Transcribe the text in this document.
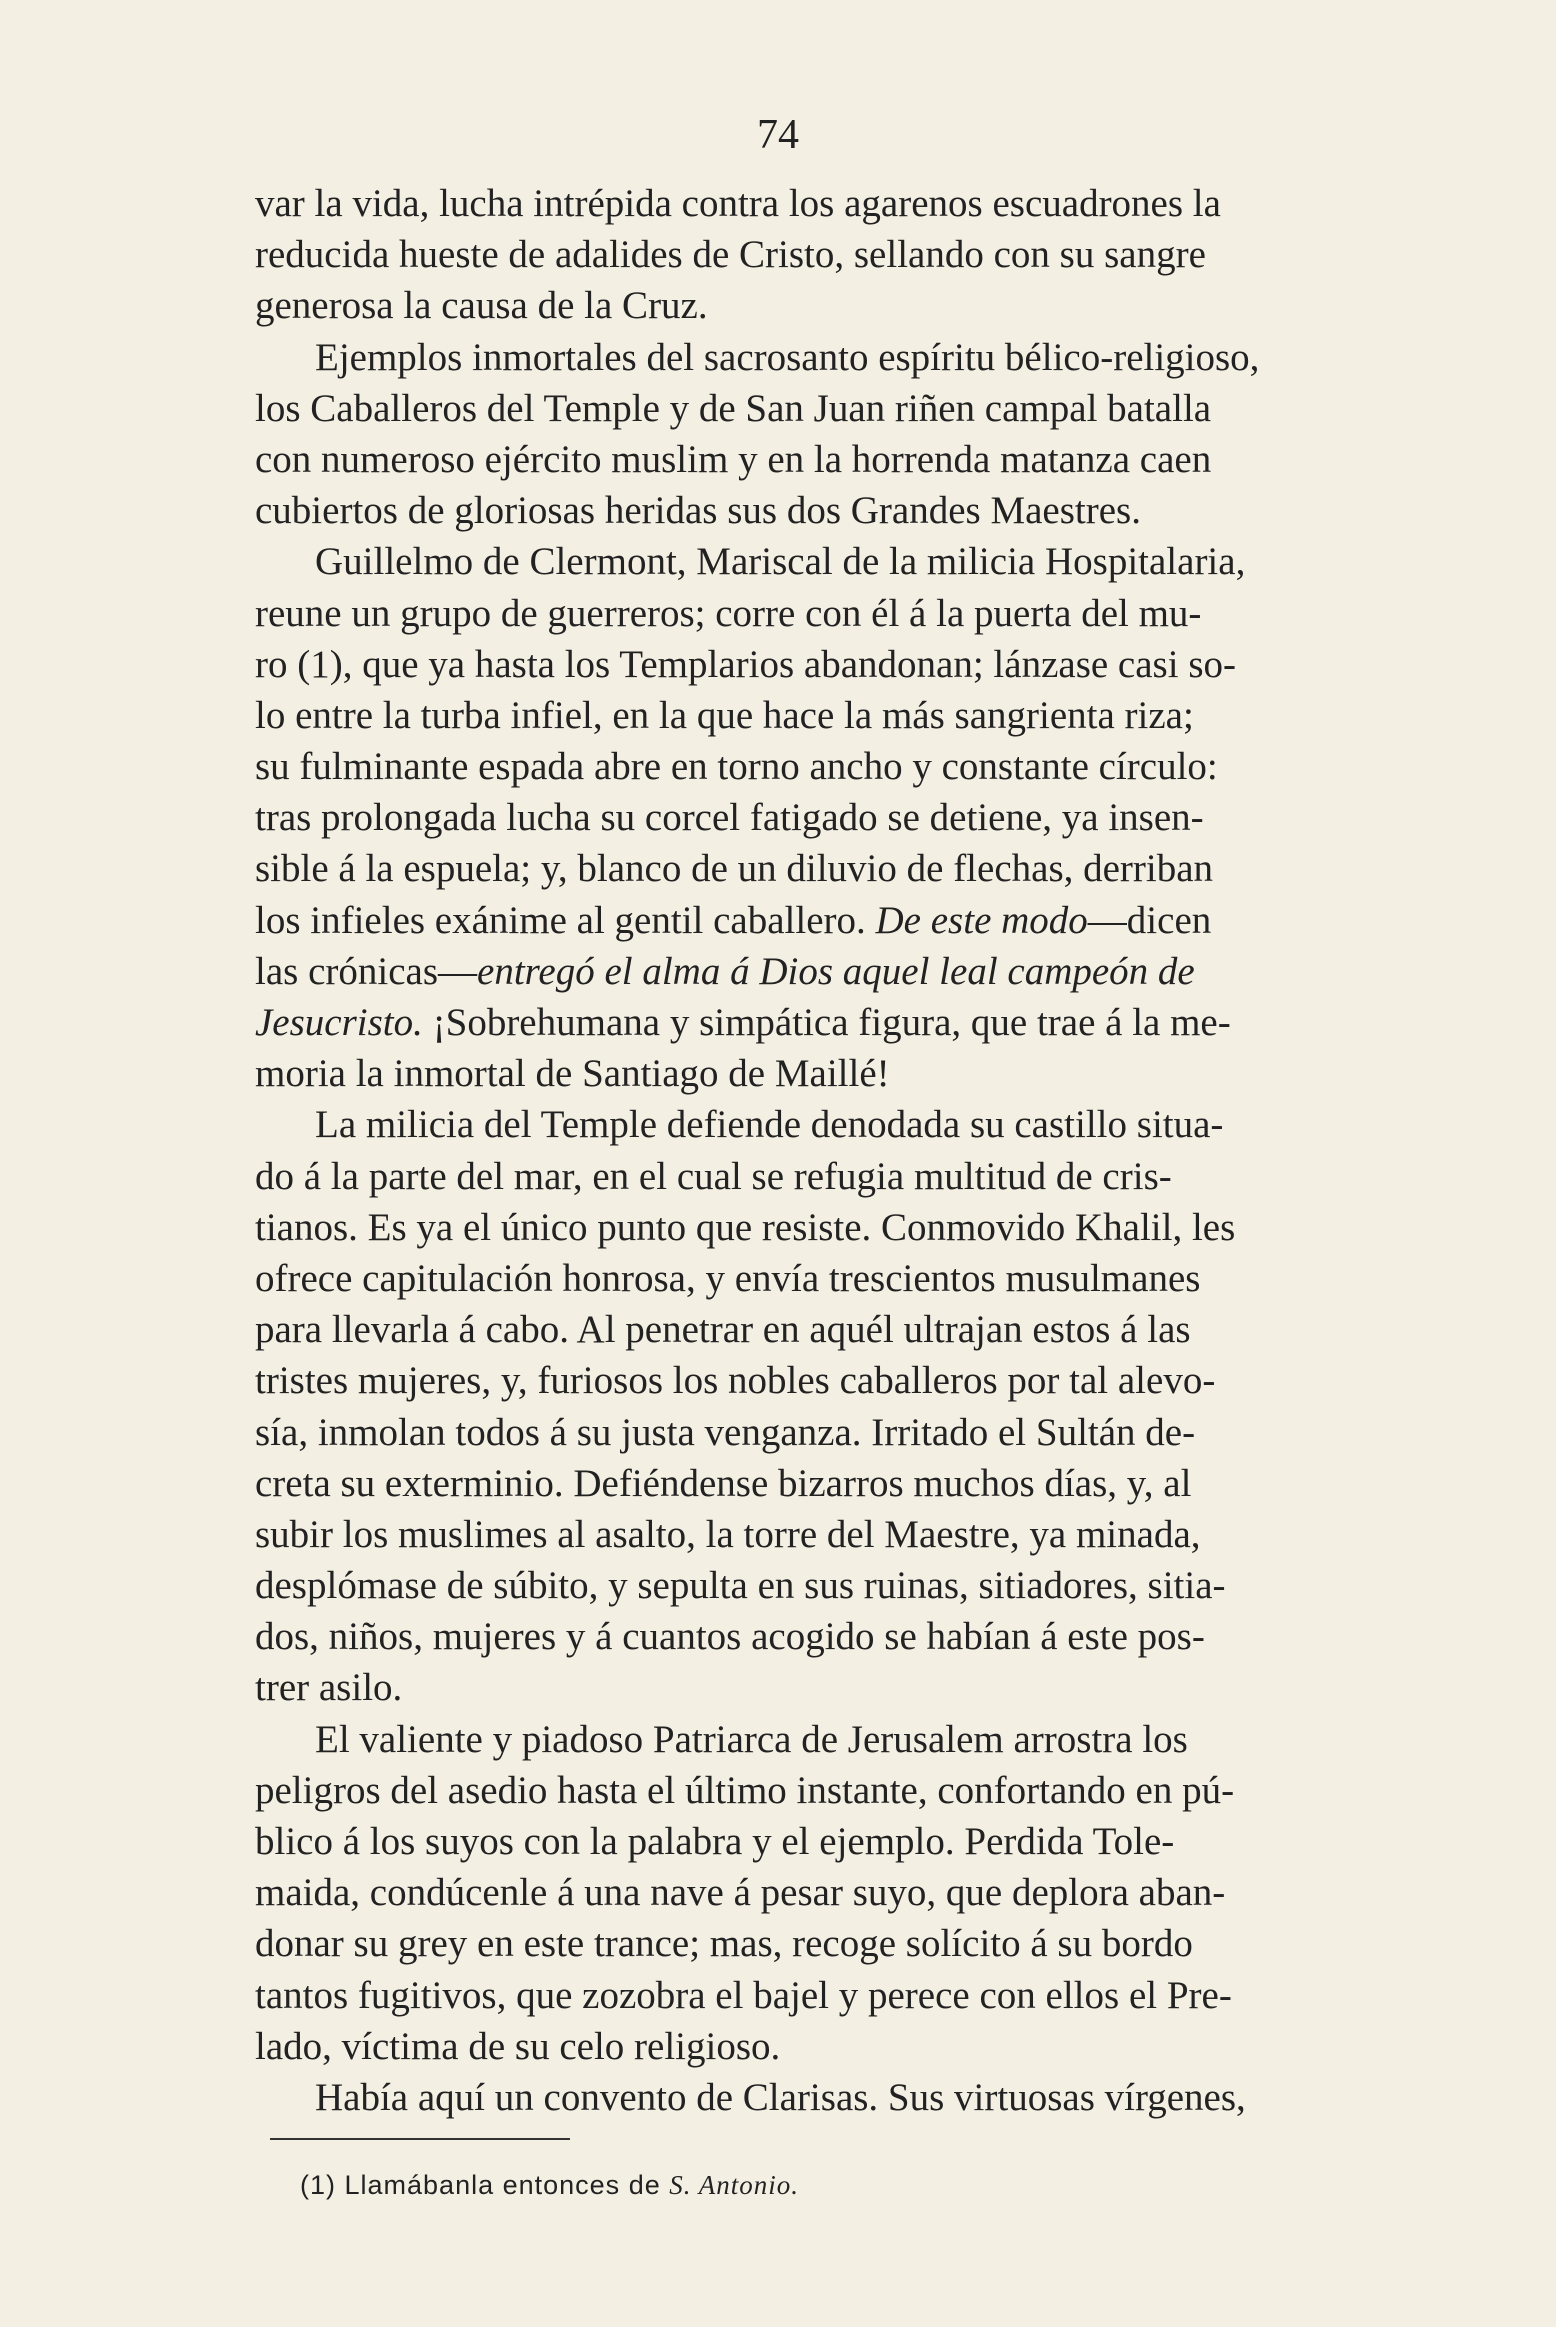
74
var la vida, lucha intrépida contra los agarenos escuadrones la
reducida hueste de adalides de Cristo, sellando con su sangre
generosa la causa de la Cruz.
Ejemplos inmortales del sacrosanto espíritu bélico-religioso,
los Caballeros del Temple y de San Juan riñen campal batalla
con numeroso ejército muslim y en la horrenda matanza caen
cubiertos de gloriosas heridas sus dos Grandes Maestres.
Guillelmo de Clermont, Mariscal de la milicia Hospitalaria,
reune un grupo de guerreros; corre con él á la puerta del mu-
ro (1), que ya hasta los Templarios abandonan; lánzase casi so-
lo entre la turba infiel, en la que hace la más sangrienta riza;
su fulminante espada abre en torno ancho y constante círculo:
tras prolongada lucha su corcel fatigado se detiene, ya insen-
sible á la espuela; y, blanco de un diluvio de flechas, derriban
los infieles exánime al gentil caballero. De este modo—dicen
las crónicas—entregó el alma á Dios aquel leal campeón de
Jesucristo. ¡Sobrehumana y simpática figura, que trae á la me-
moria la inmortal de Santiago de Maillé!
La milicia del Temple defiende denodada su castillo situa-
do á la parte del mar, en el cual se refugia multitud de cris-
tianos. Es ya el único punto que resiste. Conmovido Khalil, les
ofrece capitulación honrosa, y envía trescientos musulmanes
para llevarla á cabo. Al penetrar en aquél ultrajan estos á las
tristes mujeres, y, furiosos los nobles caballeros por tal alevo-
sía, inmolan todos á su justa venganza. Irritado el Sultán de-
creta su exterminio. Defiéndense bizarros muchos días, y, al
subir los muslimes al asalto, la torre del Maestre, ya minada,
desplómase de súbito, y sepulta en sus ruinas, sitiadores, sitia-
dos, niños, mujeres y á cuantos acogido se habían á este pos-
trer asilo.
El valiente y piadoso Patriarca de Jerusalem arrostra los
peligros del asedio hasta el último instante, confortando en pú-
blico á los suyos con la palabra y el ejemplo. Perdida Tole-
maida, condúcenle á una nave á pesar suyo, que deplora aban-
donar su grey en este trance; mas, recoge solícito á su bordo
tantos fugitivos, que zozobra el bajel y perece con ellos el Pre-
lado, víctima de su celo religioso.
Había aquí un convento de Clarisas. Sus virtuosas vírgenes,
(1) Llamábanla entonces de S. Antonio.
